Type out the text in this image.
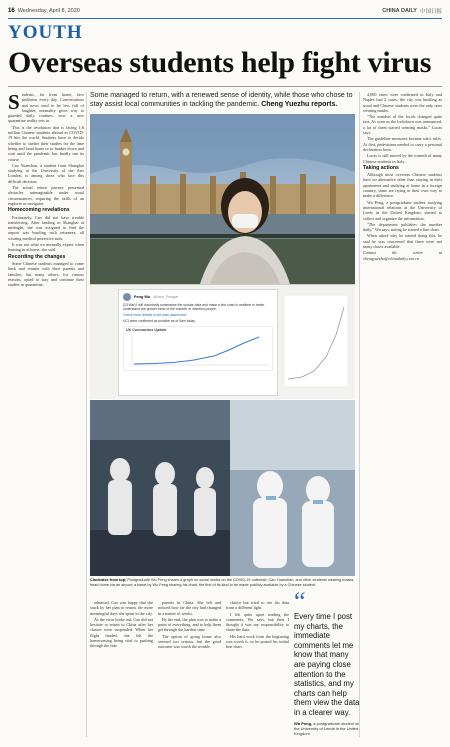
16 Wednesday, April 8, 2020	CHINA DAILY 中国日报
YOUTH
Overseas students help fight virus

S tudents, far from home, face problems every day. Conversations and news tend to be less full of laughter, normality gives way to guarded daily routines, now a new quarantine reality sets in.

This is the resolution that is facing 1.6 million Chinese students abroad as COVID-19 hits the world. Students have to decide whether to shelter their studies for the time being and head home or to hunker down and wait until the pandemic has finally run its course.

Cao Yuanshan, a student from Shanghai studying at the University of the Arts London, is among those who face this difficult decision.

The actual return journey presented obstacles unimaginable under usual circumstances, requiring the skills of an explorer or navigator.

Homecoming revelations

Fortunately, Cao did not have trouble transferring. After landing in Shanghai at midnight, she was assigned to find the airport was bustling with returnees, all wearing medical protective suits.

It was not what we normally expect when homing in at home, she said.

Recording the changes

Some Chinese students managed to come back and reunite with their parents and families, but many others, for various reasons, opted to stay and continue their studies in quarantine.

Some managed to return, with a renewed sense of identity, while those who chose to stay assist local communities in tackling the pandemic. Cheng Yuezhu reports.
Peng Wu @Leon_Pengwu
[13 Mar] I will voluntarily summarise the update data and make a line chart in realtime to better understand the growth trend of the number of infection people.
Check more details in the data dashboard:
UCI were confirmed as positive as of 9am today.
UK Coronavirus Update
Clockwise from top: Postgraduate Wu Peng shares a graph on social media on the COVID-19 outbreak; Cao Yuanshan, and other students wearing masks, head home via an airport; a tweet by Wu Peng sharing his chart, the first of its kind to be made publicly available by a Chinese student.

admitted, Cao was happy that she stuck by her plan to return, the more meaningful days she spent in the city.

As the virus broke out, Cao did not hesitate to return to China after her classes were suspended. When her flight landed, she felt the homecoming being vital to pushing through the fear.

parents in China. She left and noticed how far the city had changed in a matter of weeks.

By the end, the plan was to make a point of everything, and to help them get through the hardest time.

The option of going home also seemed too serious, but the good outcome was worth the trouble.

choice but tried to see his data from a different light.

I felt quite upset reading the comments, Wu says, but then I thought it was my responsibility to share the data.

His hard work from the beginning was worth it, so he posted his initial line chart.

“
Every time I post my charts, the immediate comments let me know that many are paying close attention to the statistics, and my charts can help them view the data in a clearer way.
Wu Peng, a postgraduate student at the University of Leeds in the United Kingdom

4,000 cases were confirmed in Italy and Naples had 2 cases, the city was bustling as usual and Chinese students were the only ones wearing masks.

"The mindset of the locals changed quite fast. As soon as the lockdown was announced, a lot of them started wearing masks," Lucas says.

The guideline measures became strict rules. At first, pedestrians needed to carry a personal declaration form.

Lucas is still moved by the warmth of many Chinese students in Italy.

Taking actions

Although most overseas Chinese students have no alternative other than staying in their apartments and studying at home in a foreign country, some are trying in their own way to make a difference.

Wu Peng, a postgraduate student studying international relations at the University of Leeds in the United Kingdom, started to collect and organize the information.

"The department publishes the number daily," Wu says, noting he started a line chart.

When asked why he started doing this, he said he was concerned that there were not many charts available.

Contact the writer at chengyuezhu@chinadaily.com.cn
